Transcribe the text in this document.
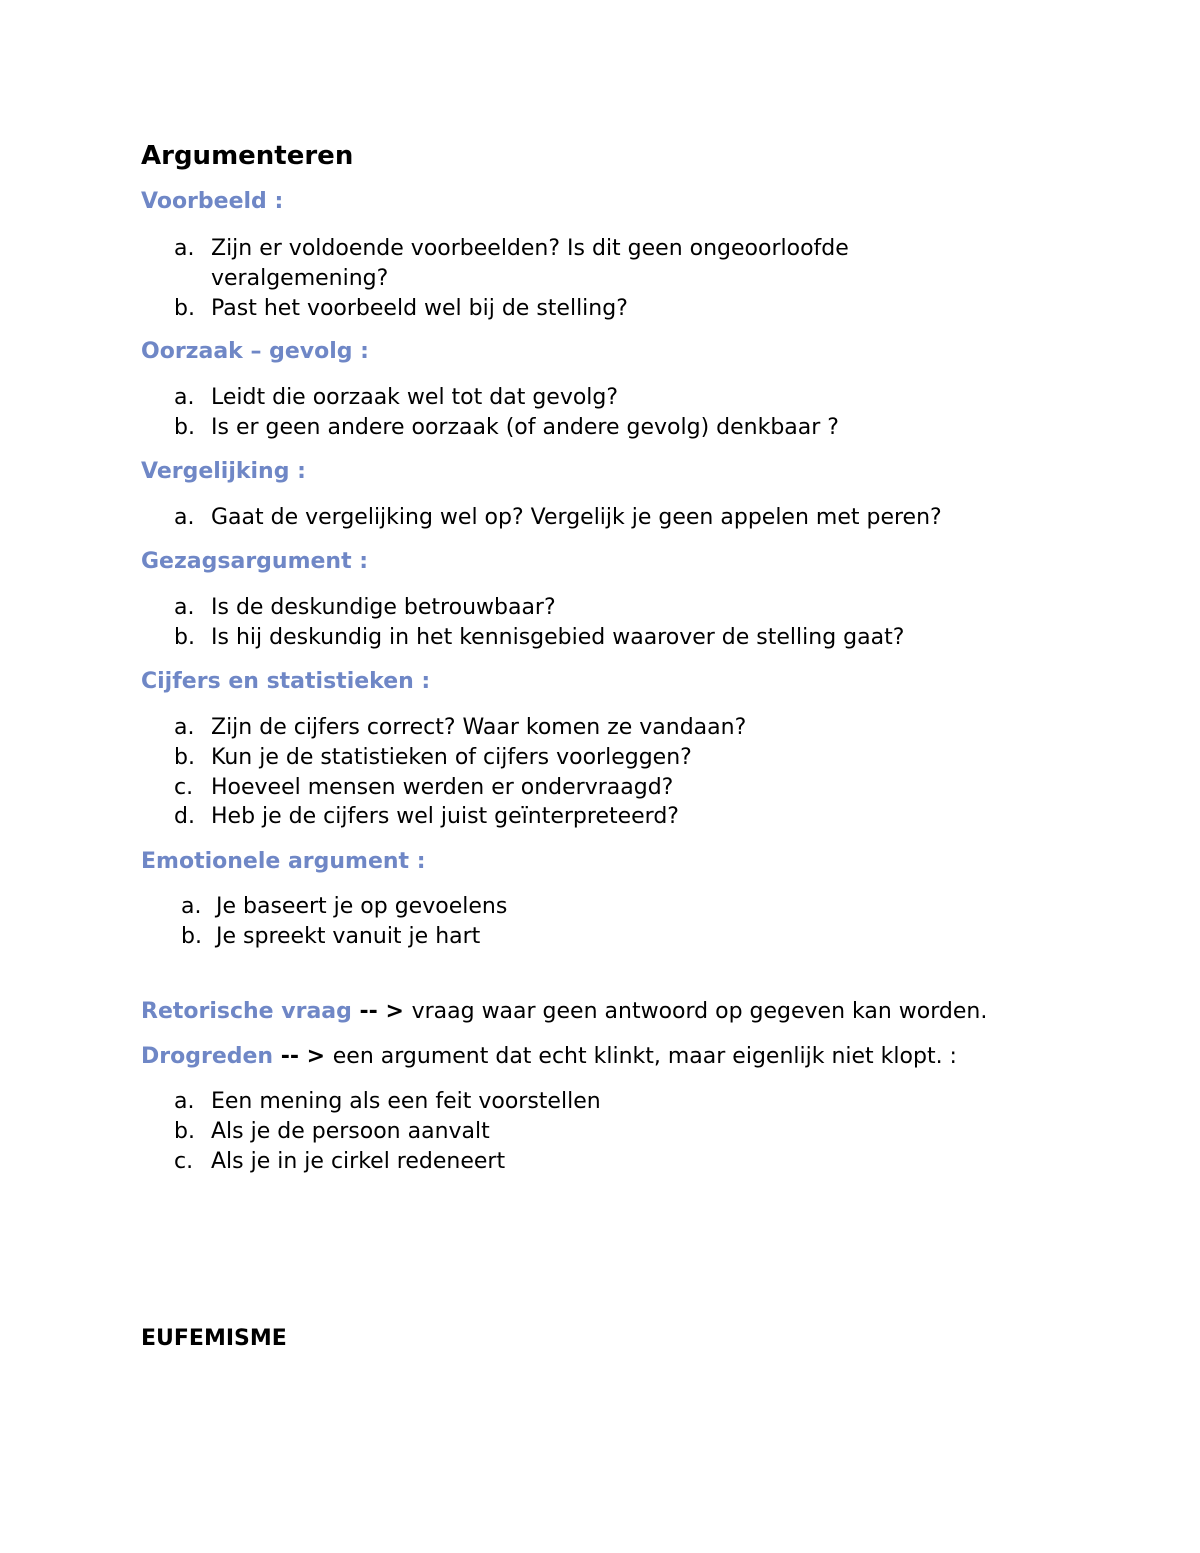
Argumenteren

Voorbeeld :

a. Zijn er voldoende voorbeelden? Is dit geen ongeoorloofde veralgemening?
b. Past het voorbeeld wel bij de stelling?

Oorzaak – gevolg :

a. Leidt die oorzaak wel tot dat gevolg?
b. Is er geen andere oorzaak (of andere gevolg) denkbaar ?

Vergelijking :

a. Gaat de vergelijking wel op? Vergelijk je geen appelen met peren?

Gezagsargument :

a. Is de deskundige betrouwbaar?
b. Is hij deskundig in het kennisgebied waarover de stelling gaat?

Cijfers en statistieken :

a. Zijn de cijfers correct? Waar komen ze vandaan?
b. Kun je de statistieken of cijfers voorleggen?
c. Hoeveel mensen werden er ondervraagd?
d. Heb je de cijfers wel juist geïnterpreteerd?

Emotionele argument :

a. Je baseert je op gevoelens
b. Je spreekt vanuit je hart

Retorische vraag -- > vraag waar geen antwoord op gegeven kan worden.

Drogreden -- > een argument dat echt klinkt, maar eigenlijk niet klopt. :

a. Een mening als een feit voorstellen
b. Als je de persoon aanvalt
c. Als je in je cirkel redeneert

EUFEMISME
